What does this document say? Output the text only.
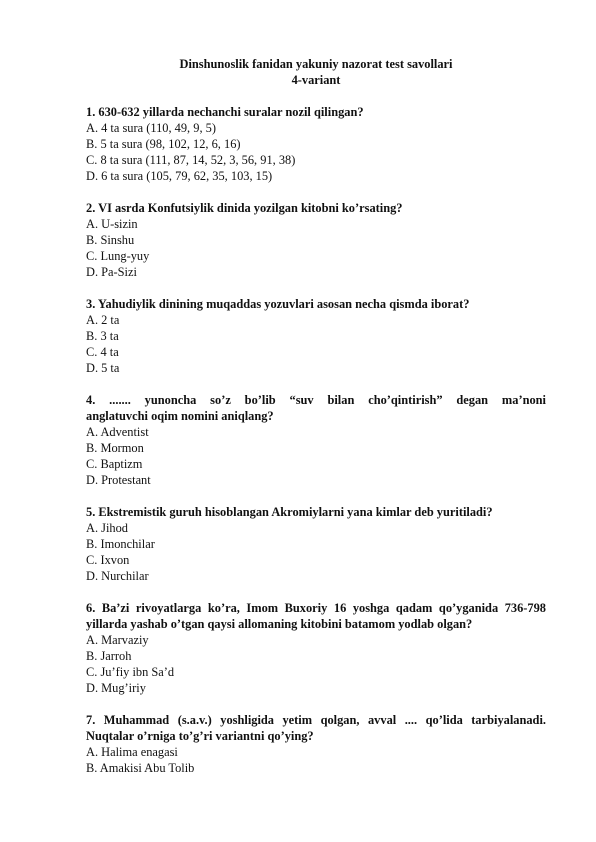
Dinshunoslik fanidan yakuniy nazorat test savollari

4-variant

1. 630-632 yillarda nechanchi suralar nozil qilingan?

A. 4 ta sura (110, 49, 9, 5)

B. 5 ta sura (98, 102, 12, 6, 16)

C. 8 ta sura (111, 87, 14, 52, 3, 56, 91, 38)

D. 6 ta sura (105, 79, 62, 35, 103, 15)

2. VI asrda Konfutsiylik dinida yozilgan kitobni ko’rsating?

A. U-sizin

B. Sinshu

C. Lung-yuy

D. Pa-Sizi

3. Yahudiylik dinining muqaddas yozuvlari asosan necha qismda iborat?

A. 2 ta

B. 3 ta

C. 4 ta

D. 5 ta

4. ....... yunoncha so’z bo’lib “suv bilan cho’qintirish” degan ma’noni
anglatuvchi oqim nomini aniqlang?

A. Adventist

B. Mormon

C. Baptizm

D. Protestant

5. Ekstremistik guruh hisoblangan Akromiylarni yana kimlar deb yuritiladi?

A. Jihod

B. Imonchilar

C. Ixvon

D. Nurchilar

6. Ba’zi rivoyatlarga ko’ra, Imom Buxoriy 16 yoshga qadam qo’yganida 736-798 yillarda yashab o’tgan qaysi allomaning kitobini batamom yodlab olgan?

A. Marvaziy

B. Jarroh

C. Ju’fiy ibn Sa’d

D. Mug’iriy

7. Muhammad (s.a.v.) yoshligida yetim qolgan, avval .... qo’lida tarbiyalanadi. Nuqtalar o’rniga to’g’ri variantni qo’ying?

A. Halima enagasi

B. Amakisi Abu Tolib
